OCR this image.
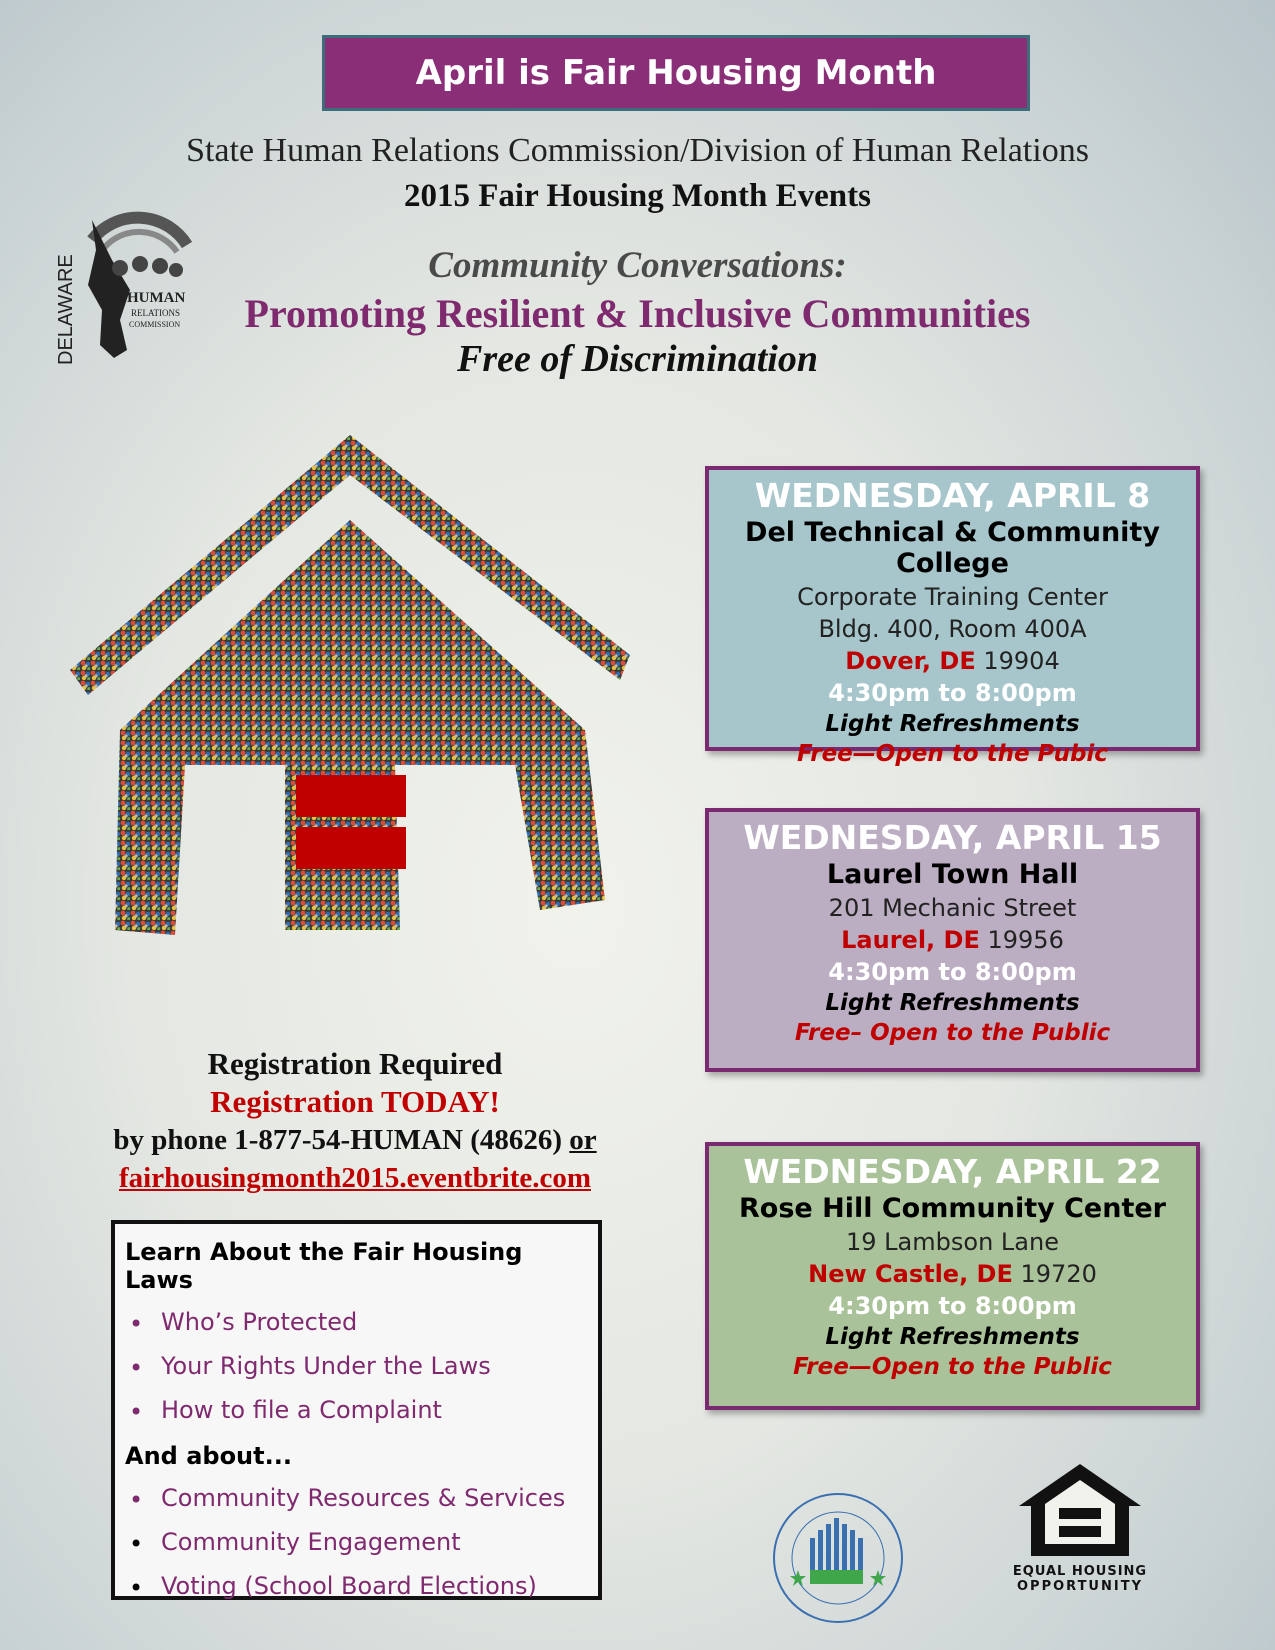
April is Fair Housing Month
State Human Relations Commission/Division of Human Relations
2015 Fair Housing Month Events
Community Conversations:
Promoting Resilient & Inclusive Communities
Free of Discrimination
DELAWARE	HUMAN
RELATIONS
COMMISSION
WEDNESDAY, APRIL 8
Del Technical & Community College
Corporate Training Center
Bldg. 400, Room 400A
Dover, DE 19904
4:30pm to 8:00pm
Light Refreshments
Free—Open to the Pubic
WEDNESDAY, APRIL 15
Laurel Town Hall
201 Mechanic Street
Laurel, DE 19956
4:30pm to 8:00pm
Light Refreshments
Free– Open to the Public
WEDNESDAY, APRIL 22
Rose Hill Community Center
19 Lambson Lane
New Castle, DE 19720
4:30pm to 8:00pm
Light Refreshments
Free—Open to the Public
Registration Required
Registration TODAY!
by phone 1-877-54-HUMAN (48626) or
fairhousingmonth2015.eventbrite.com
Learn About the Fair Housing Laws
• Who’s Protected
• Your Rights Under the Laws
• How to file a Complaint
And about...
• Community Resources & Services
• Community Engagement
• Voting (School Board Elections)
EQUAL HOUSING
OPPORTUNITY
